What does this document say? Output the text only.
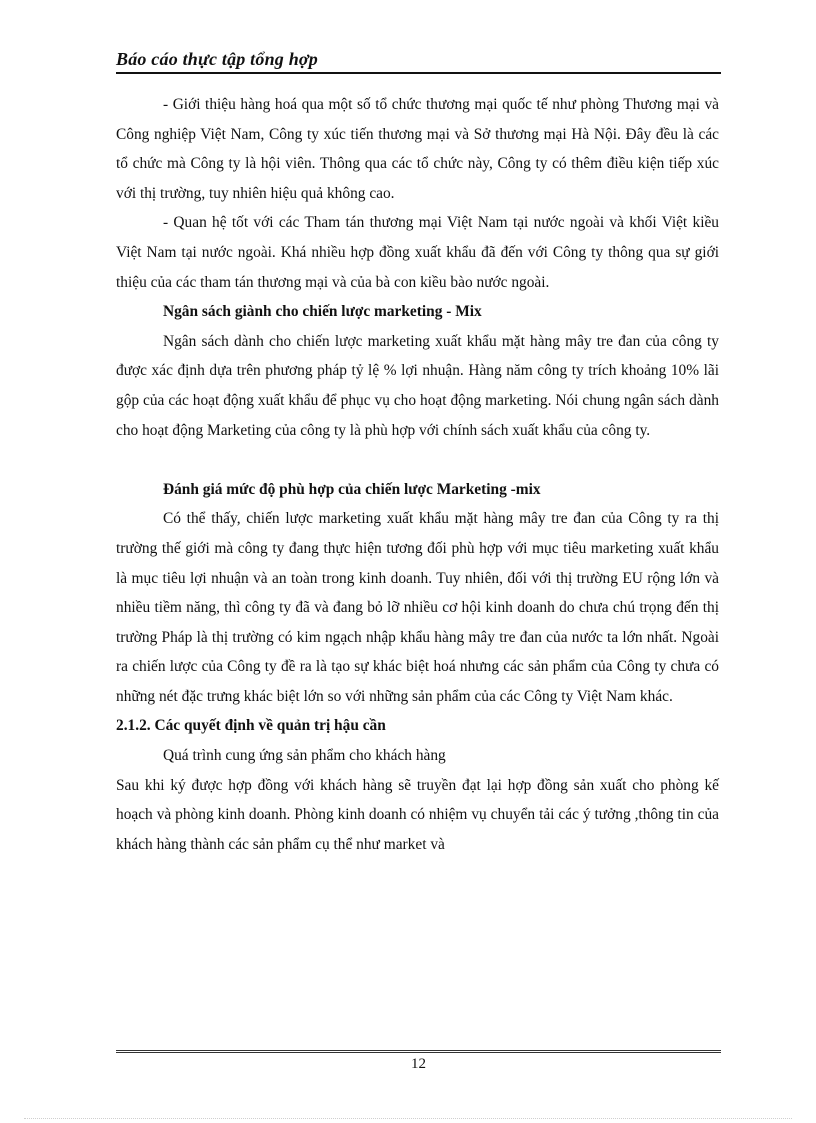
Báo cáo thực tập tổng hợp

- Giới thiệu hàng hoá qua một số tổ chức thương mại quốc tế như phòng Thương mại và Công nghiệp Việt Nam, Công ty xúc tiến thương mại và Sở thương mại Hà Nội. Đây đều là các tổ chức mà Công ty là hội viên. Thông qua các tổ chức này, Công ty có thêm điều kiện tiếp xúc với thị trường, tuy nhiên hiệu quả không cao.

- Quan hệ tốt với các Tham tán thương mại Việt Nam tại nước ngoài và khối Việt kiều Việt Nam tại nước ngoài. Khá nhiều hợp đồng xuất khẩu đã đến với Công ty thông qua sự giới thiệu của các tham tán thương mại và của bà con kiều bào nước ngoài.

Ngân sách giành cho chiến lược marketing - Mix

Ngân sách dành cho chiến lược marketing xuất khẩu mặt hàng mây tre đan của công ty được xác định dựa trên phương pháp tỷ lệ % lợi nhuận. Hàng năm công ty trích khoảng 10% lãi gộp của các hoạt động xuất khẩu để phục vụ cho hoạt động marketing. Nói chung ngân sách dành cho hoạt động Marketing của công ty là phù hợp với chính sách xuất khẩu của công ty.

Đánh giá mức độ phù hợp của chiến lược Marketing -mix

Có thể thấy, chiến lược marketing xuất khẩu mặt hàng mây tre đan của Công ty ra thị trường thế giới mà công ty đang thực hiện tương đối phù hợp với mục tiêu marketing xuất khẩu là mục tiêu lợi nhuận và an toàn trong kinh doanh. Tuy nhiên, đối với thị trường EU rộng lớn và nhiều tiềm năng, thì công ty đã và đang bỏ lỡ nhiều cơ hội kinh doanh do chưa chú trọng đến thị trường Pháp là thị trường có kim ngạch nhập khẩu hàng mây tre đan của nước ta lớn nhất. Ngoài ra chiến lược của Công ty đề ra là tạo sự khác biệt hoá nhưng các sản phẩm của Công ty chưa có những nét đặc trưng khác biệt lớn so với những sản phẩm của các Công ty Việt Nam khác.

2.1.2. Các quyết định về quản trị hậu cần

Quá trình cung ứng sản phẩm cho khách hàng

Sau khi ký được hợp đồng với khách hàng sẽ truyền đạt lại hợp đồng sản xuất cho phòng kế hoạch và phòng kinh doanh. Phòng kinh doanh có nhiệm vụ chuyển tải các ý tưởng ,thông tin của khách hàng thành các sản phẩm cụ thể như market và

12
